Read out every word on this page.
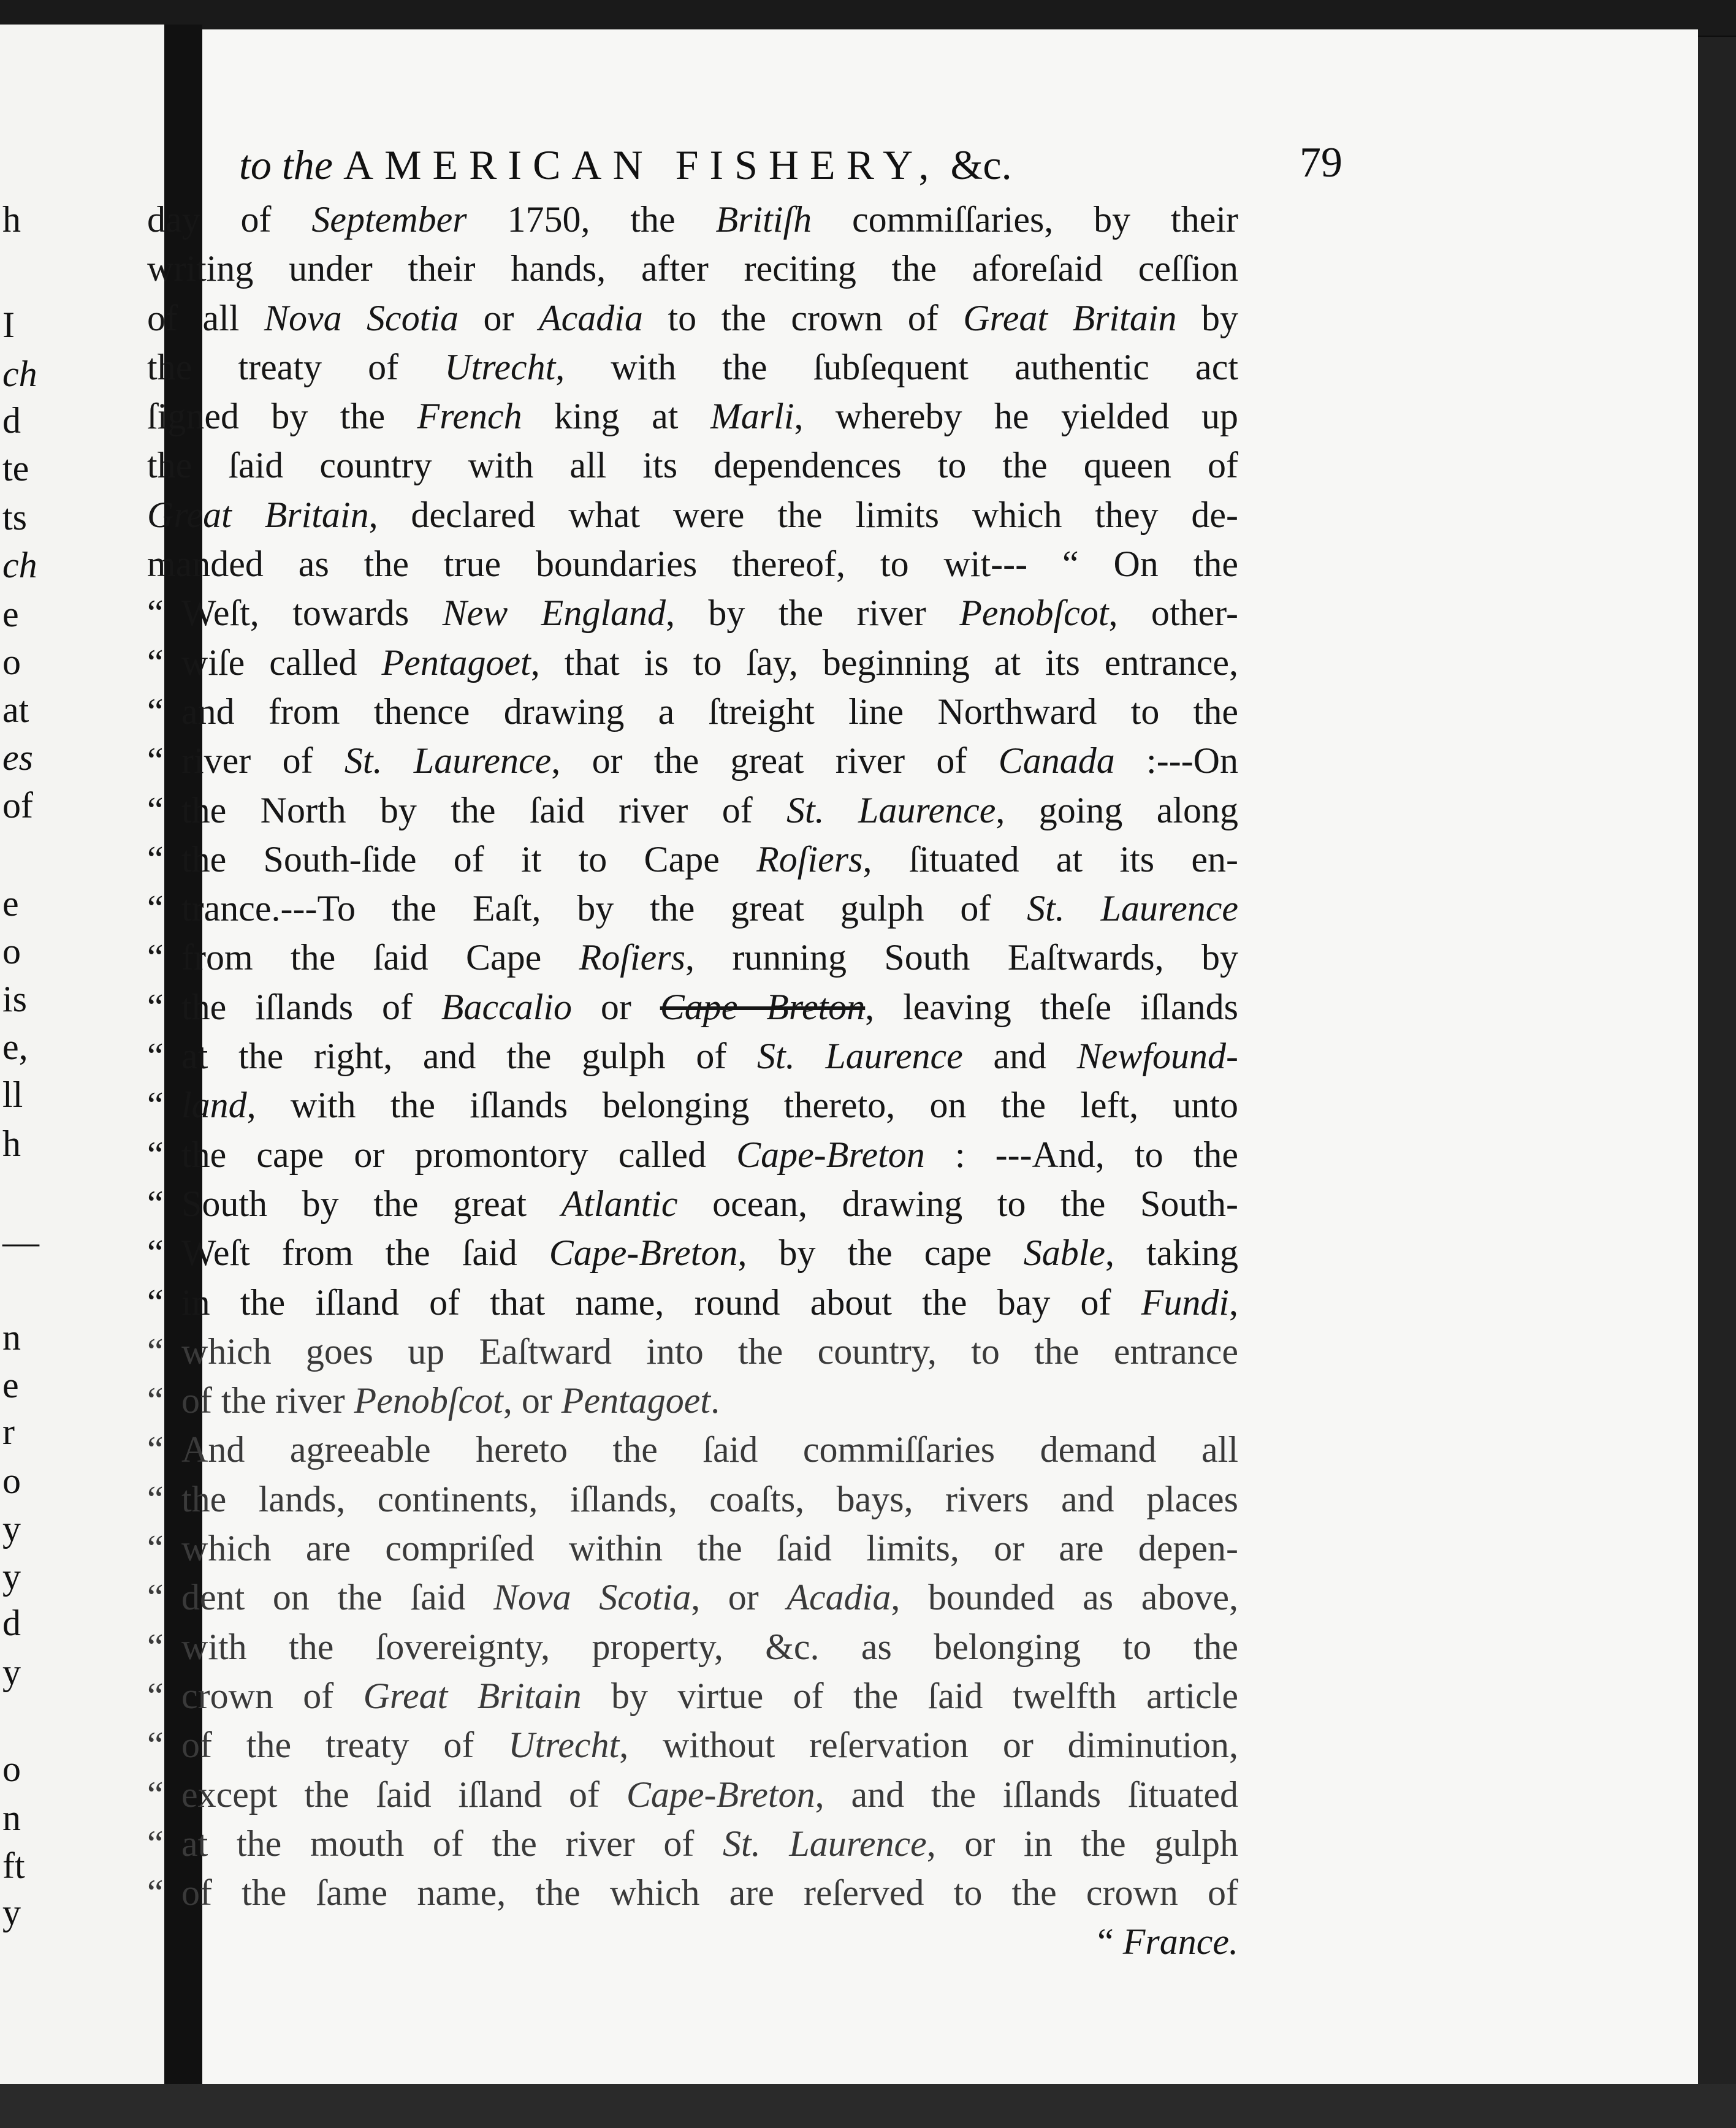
h
I
ch
d
te
ts
ch
e
o
at
es
of
e
o
is
e,
ll
h
—
n
e
r
o
y
y
d
y
o
n
ft
y
to the AMERICAN FISHERY, &c.	79
day of September 1750, the Britiſh commiſſaries, by their
writing under their hands, after reciting the aforeſaid ceſſion
of all Nova Scotia or Acadia to the crown of Great Britain by
the treaty of Utrecht, with the ſubſequent authentic act
ſigned by the French king at Marli, whereby he yielded up
the ſaid country with all its dependences to the queen of
Great Britain, declared what were the limits which they de-
manded as the true boundaries thereof, to wit--- “ On the
“ Weſt, towards New England, by the river Penobſcot, other-
“ wiſe called Pentagoet, that is to ſay, beginning at its entrance,
“ and from thence drawing a ſtreight line Northward to the
“ river of St. Laurence, or the great river of Canada :---On
“ the North by the ſaid river of St. Laurence, going along
“ the South-ſide of it to Cape Roſiers, ſituated at its en-
“ trance.---To the Eaſt, by the great gulph of St. Laurence
“ from the ſaid Cape Roſiers, running South Eaſtwards, by
“ the iſlands of Baccalio or Cape Breton, leaving theſe iſlands
“ at the right, and the gulph of St. Laurence and Newfound-
“ land, with the iſlands belonging thereto, on the left, unto
“ the cape or promontory called Cape-Breton : ---And, to the
“ South by the great Atlantic ocean, drawing to the South-
“ Weſt from the ſaid Cape-Breton, by the cape Sable, taking
“ in the iſland of that name, round about the bay of Fundi,
“ which goes up Eaſtward into the country, to the entrance
“ of the river Penobſcot, or Pentagoet.
“ And agreeable hereto the ſaid commiſſaries demand all
“ the lands, continents, iſlands, coaſts, bays, rivers and places
“ which are compriſed within the ſaid limits, or are depen-
“ dent on the ſaid Nova Scotia, or Acadia, bounded as above,
“ with the ſovereignty, property, &c. as belonging to the
“ crown of Great Britain by virtue of the ſaid twelfth article
“ of the treaty of Utrecht, without reſervation or diminution,
“ except the ſaid iſland of Cape-Breton, and the iſlands ſituated
“ at the mouth of the river of St. Laurence, or in the gulph
“ of the ſame name, the which are reſerved to the crown of
“ France.
